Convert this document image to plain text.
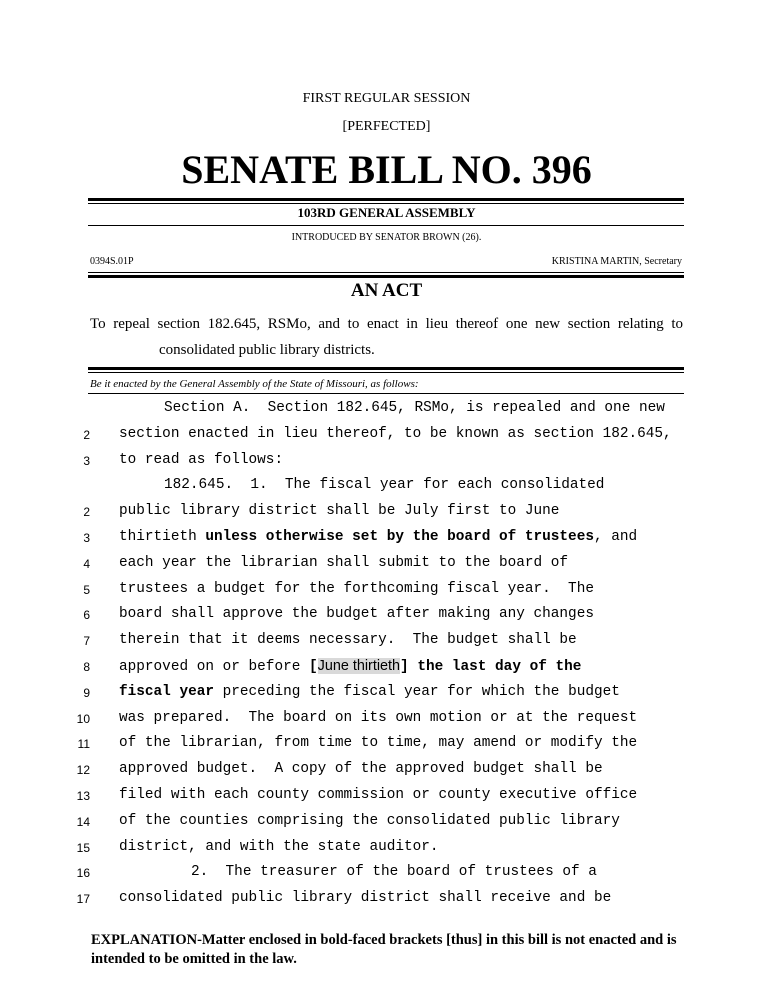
FIRST REGULAR SESSION
[PERFECTED]
SENATE BILL NO. 396
103RD GENERAL ASSEMBLY
INTRODUCED BY SENATOR BROWN (26).
0394S.01P	KRISTINA MARTIN, Secretary
AN ACT
To repeal section 182.645, RSMo, and to enact in lieu thereof one new section relating to
consolidated public library districts.
Be it enacted by the General Assembly of the State of Missouri, as follows:
Section A.  Section 182.645, RSMo, is repealed and one new
2 section enacted in lieu thereof, to be known as section 182.645,
3 to read as follows:
182.645.  1.  The fiscal year for each consolidated
2 public library district shall be July first to June
3 thirtieth unless otherwise set by the board of trustees, and
4 each year the librarian shall submit to the board of
5 trustees a budget for the forthcoming fiscal year.  The
6 board shall approve the budget after making any changes
7 therein that it deems necessary.  The budget shall be
8 approved on or before [June thirtieth] the last day of the
9 fiscal year preceding the fiscal year for which the budget
10 was prepared.  The board on its own motion or at the request
11 of the librarian, from time to time, may amend or modify the
12 approved budget.  A copy of the approved budget shall be
13 filed with each county commission or county executive office
14 of the counties comprising the consolidated public library
15 district, and with the state auditor.
16	2.  The treasurer of the board of trustees of a
17 consolidated public library district shall receive and be
EXPLANATION-Matter enclosed in bold-faced brackets [thus] in this bill is not enacted and is intended to be omitted in the law.
